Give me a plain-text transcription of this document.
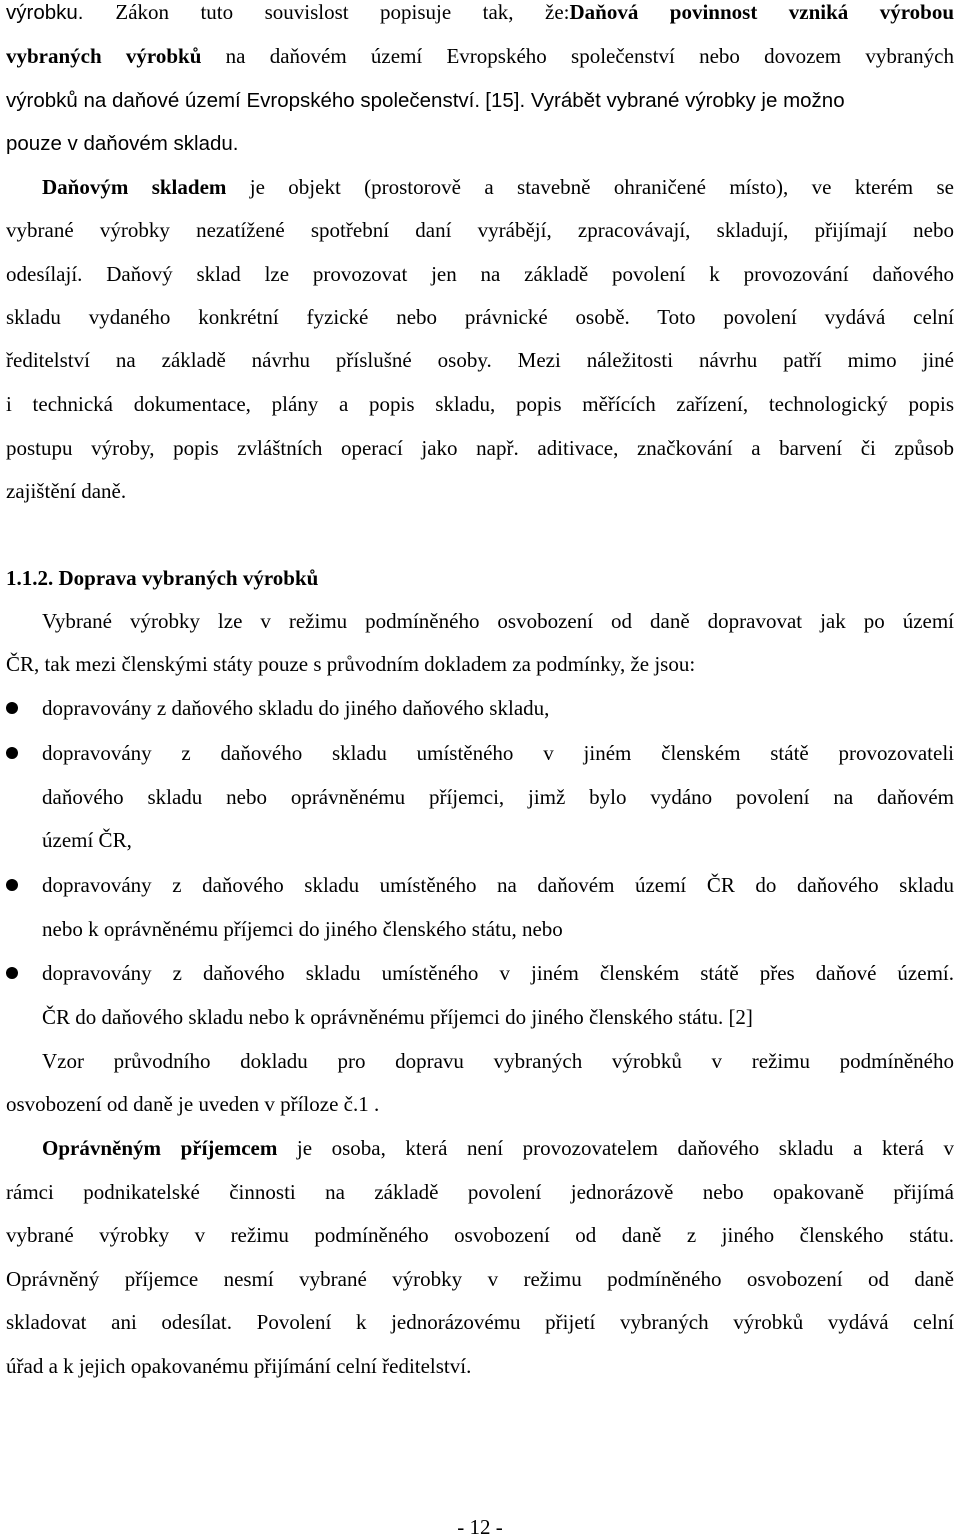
výrobku. Zákon tuto souvislost popisuje tak, že:Daňová povinnost vzniká výrobou
vybraných výrobků na daňovém území Evropského společenství nebo dovozem vybraných
výrobků na daňové území Evropského společenství. [15]. Vyrábět vybrané výrobky je možno
pouze v daňovém skladu.
Daňovým skladem je objekt (prostorově a stavebně ohraničené místo), ve kterém se
vybrané výrobky nezatížené spotřební daní vyrábějí, zpracovávají, skladují, přijímají nebo
odesílají. Daňový sklad lze provozovat jen na základě povolení k provozování daňového
skladu vydaného konkrétní fyzické nebo právnické osobě. Toto povolení vydává celní
ředitelství na základě návrhu příslušné osoby. Mezi náležitosti návrhu patří mimo jiné
i technická dokumentace, plány a popis skladu, popis měřících zařízení, technologický popis
postupu výroby, popis zvláštních operací jako např. aditivace, značkování a barvení či způsob
zajištění daně.
1.1.2. Doprava vybraných výrobků
Vybrané výrobky lze v režimu podmíněného osvobození od daně dopravovat jak po území
ČR, tak mezi členskými státy pouze s průvodním dokladem za podmínky, že jsou:
dopravovány z daňového skladu do jiného daňového skladu,
dopravovány z daňového skladu umístěného v jiném členském státě provozovateli
daňového skladu nebo oprávněnému příjemci, jimž bylo vydáno povolení na daňovém
území ČR,
dopravovány z daňového skladu umístěného na daňovém území ČR do daňového skladu
nebo k oprávněnému příjemci do jiného členského státu, nebo
dopravovány z daňového skladu umístěného v jiném členském státě přes daňové území.
ČR do daňového skladu nebo k oprávněnému příjemci do jiného členského státu. [2]
Vzor průvodního dokladu pro dopravu vybraných výrobků v režimu podmíněného
osvobození od daně je uveden v příloze č.1 .
Oprávněným příjemcem je osoba, která není provozovatelem daňového skladu a která v
rámci podnikatelské činnosti na základě povolení jednorázově nebo opakovaně přijímá
vybrané výrobky v režimu podmíněného osvobození od daně z jiného členského státu.
Oprávněný příjemce nesmí vybrané výrobky v režimu podmíněného osvobození od daně
skladovat ani odesílat. Povolení k jednorázovému přijetí vybraných výrobků vydává celní
úřad a k jejich opakovanému přijímání celní ředitelství.
- 12 -
